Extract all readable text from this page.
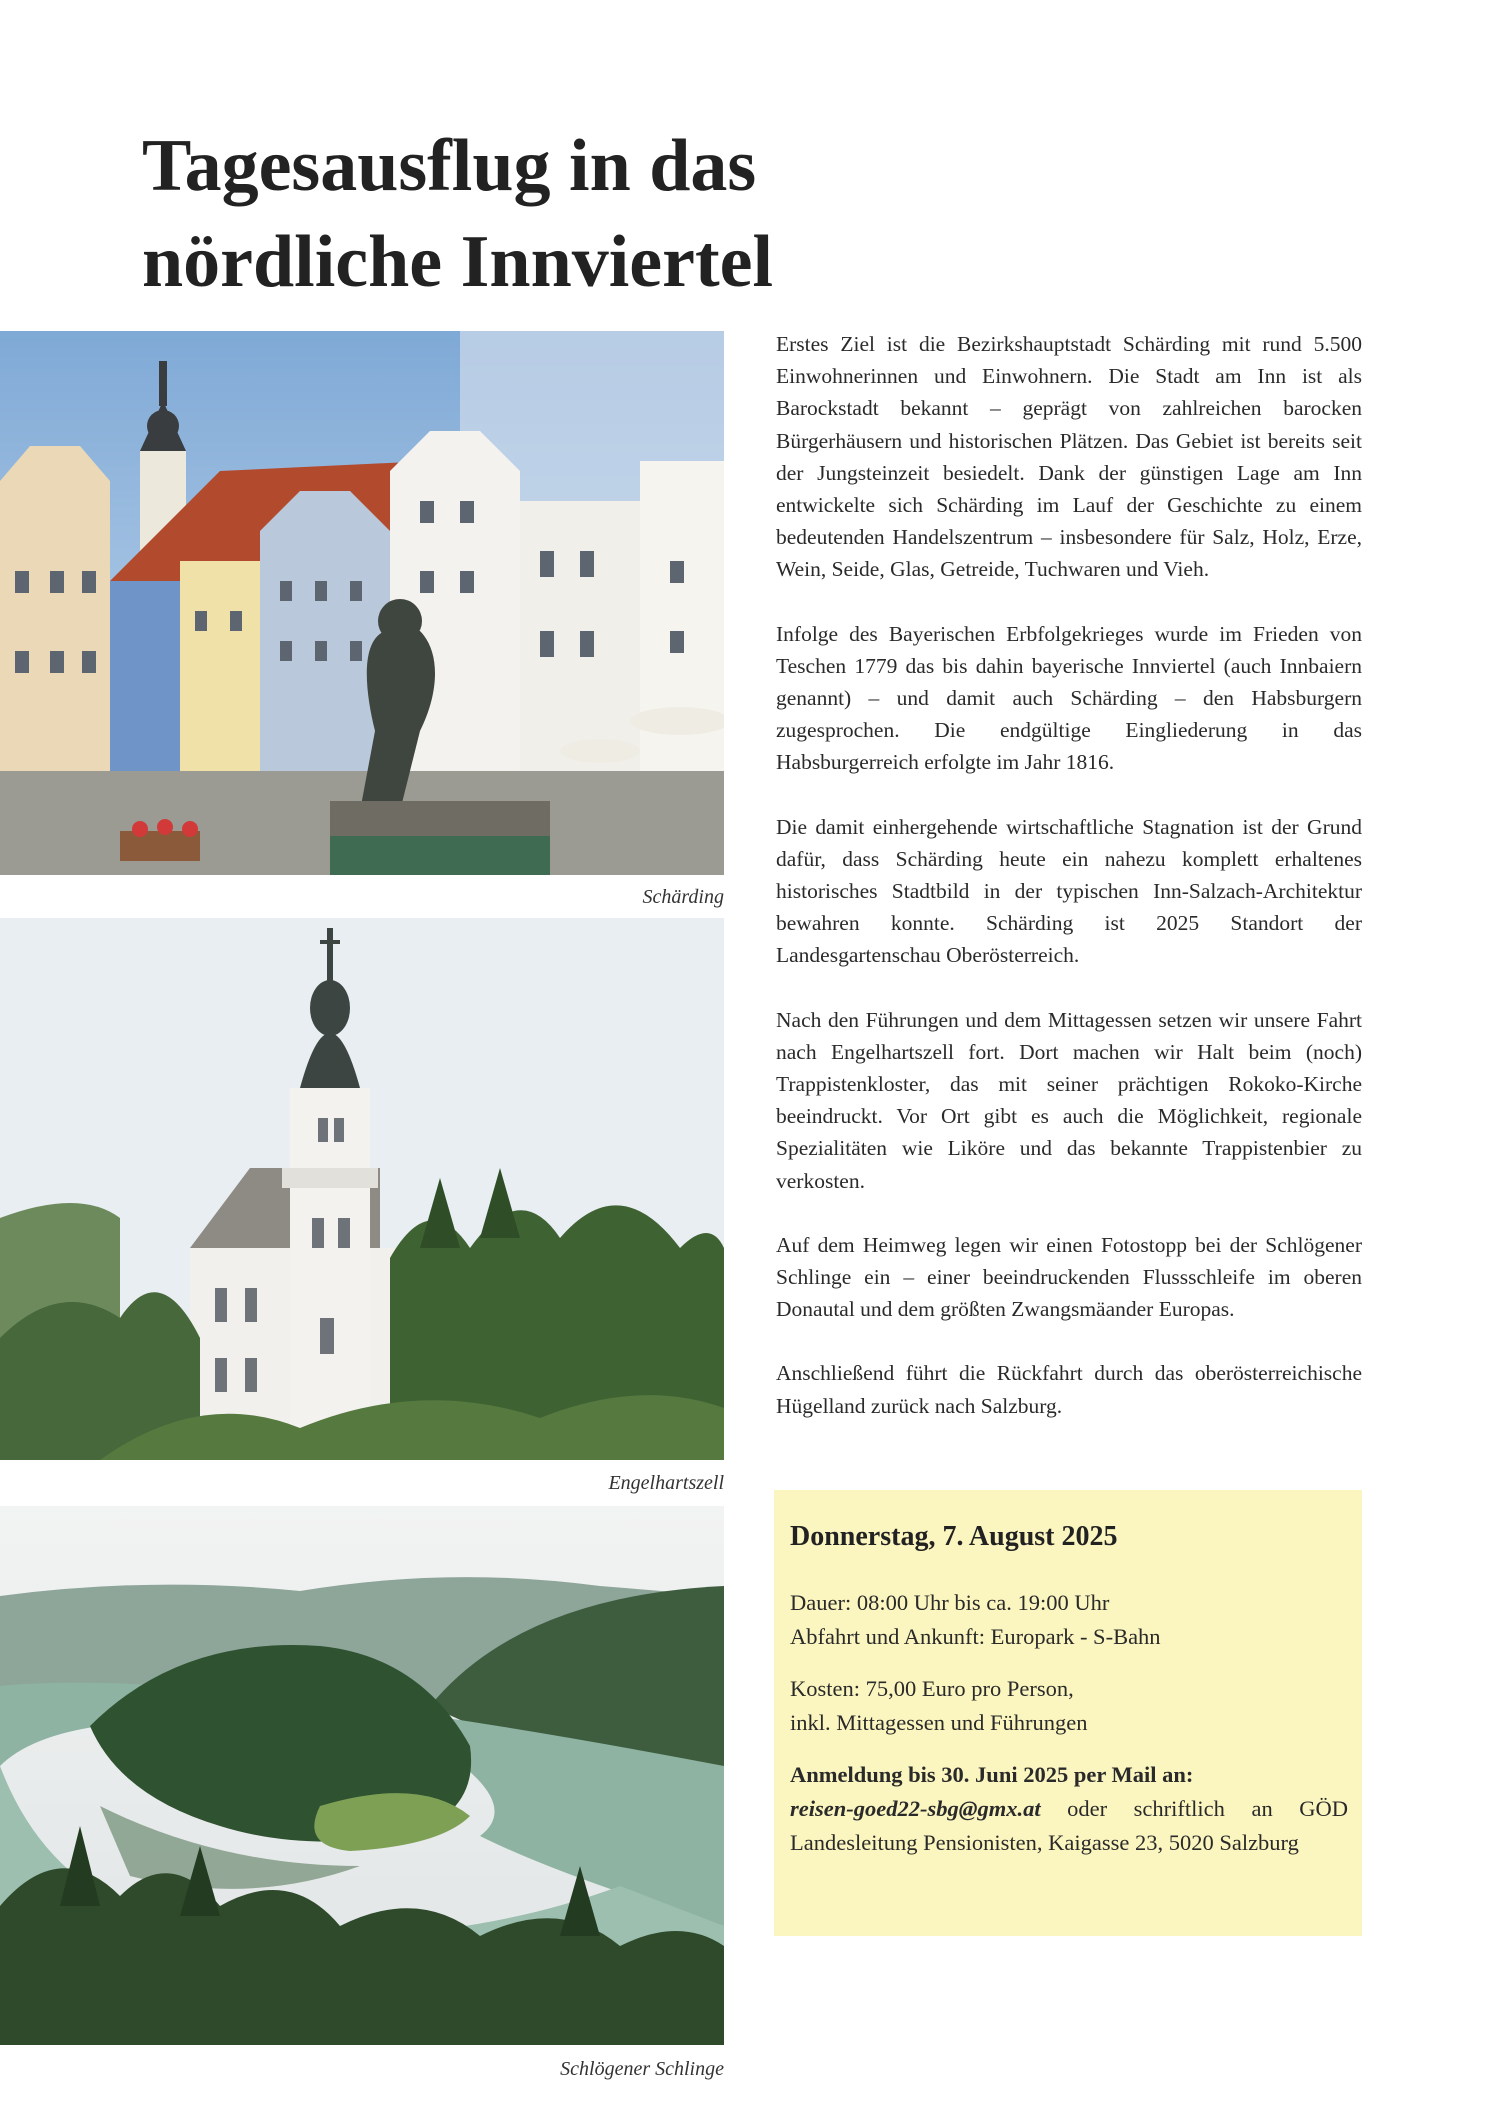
Tagesausflug in das
nördliche Innviertel
Schärding
Engelhartszell
Schlögener Schlinge

Erstes Ziel ist die Bezirkshauptstadt Schärding mit rund 5.500 Einwohnerinnen und Einwohnern. Die Stadt am Inn ist als Barockstadt bekannt – geprägt von zahlreichen barocken Bürgerhäusern und historischen Plätzen. Das Gebiet ist bereits seit der Jungsteinzeit besiedelt. Dank der günstigen Lage am Inn entwickelte sich Schärding im Lauf der Geschichte zu einem bedeutenden Handelszentrum – insbesondere für Salz, Holz, Erze, Wein, Seide, Glas, Getreide, Tuchwaren und Vieh.

Infolge des Bayerischen Erbfolgekrieges wurde im Frieden von Teschen 1779 das bis dahin bayerische Innviertel (auch Innbaiern genannt) – und damit auch Schärding – den Habsburgern zugesprochen. Die endgültige Eingliederung in das Habsburgerreich erfolgte im Jahr 1816.

Die damit einhergehende wirtschaftliche Stagnation ist der Grund dafür, dass Schärding heute ein nahezu komplett erhaltenes historisches Stadtbild in der typischen Inn-Salzach-Architektur bewahren konnte. Schärding ist 2025 Standort der Landesgartenschau Oberösterreich.

Nach den Führungen und dem Mittagessen setzen wir unsere Fahrt nach Engelhartszell fort. Dort machen wir Halt beim (noch) Trappistenkloster, das mit seiner prächtigen Rokoko-Kirche beeindruckt. Vor Ort gibt es auch die Möglichkeit, regionale Spezialitäten wie Liköre und das bekannte Trappistenbier zu verkosten.

Auf dem Heimweg legen wir einen Fotostopp bei der Schlögener Schlinge ein – einer beeindruckenden Flussschleife im oberen Donautal und dem größten Zwangsmäander Europas.

Anschließend führt die Rückfahrt durch das oberösterreichische Hügelland zurück nach Salzburg.

Donnerstag, 7. August 2025
Dauer: 08:00 Uhr bis ca. 19:00 Uhr
Abfahrt und Ankunft: Europark - S-Bahn
Kosten: 75,00 Euro pro Person,
inkl. Mittagessen und Führungen
Anmeldung bis 30. Juni 2025 per Mail an:
reisen-goed22-sbg@gmx.at oder schriftlich an GÖD Landesleitung Pensionisten, Kaigasse 23, 5020 Salzburg
